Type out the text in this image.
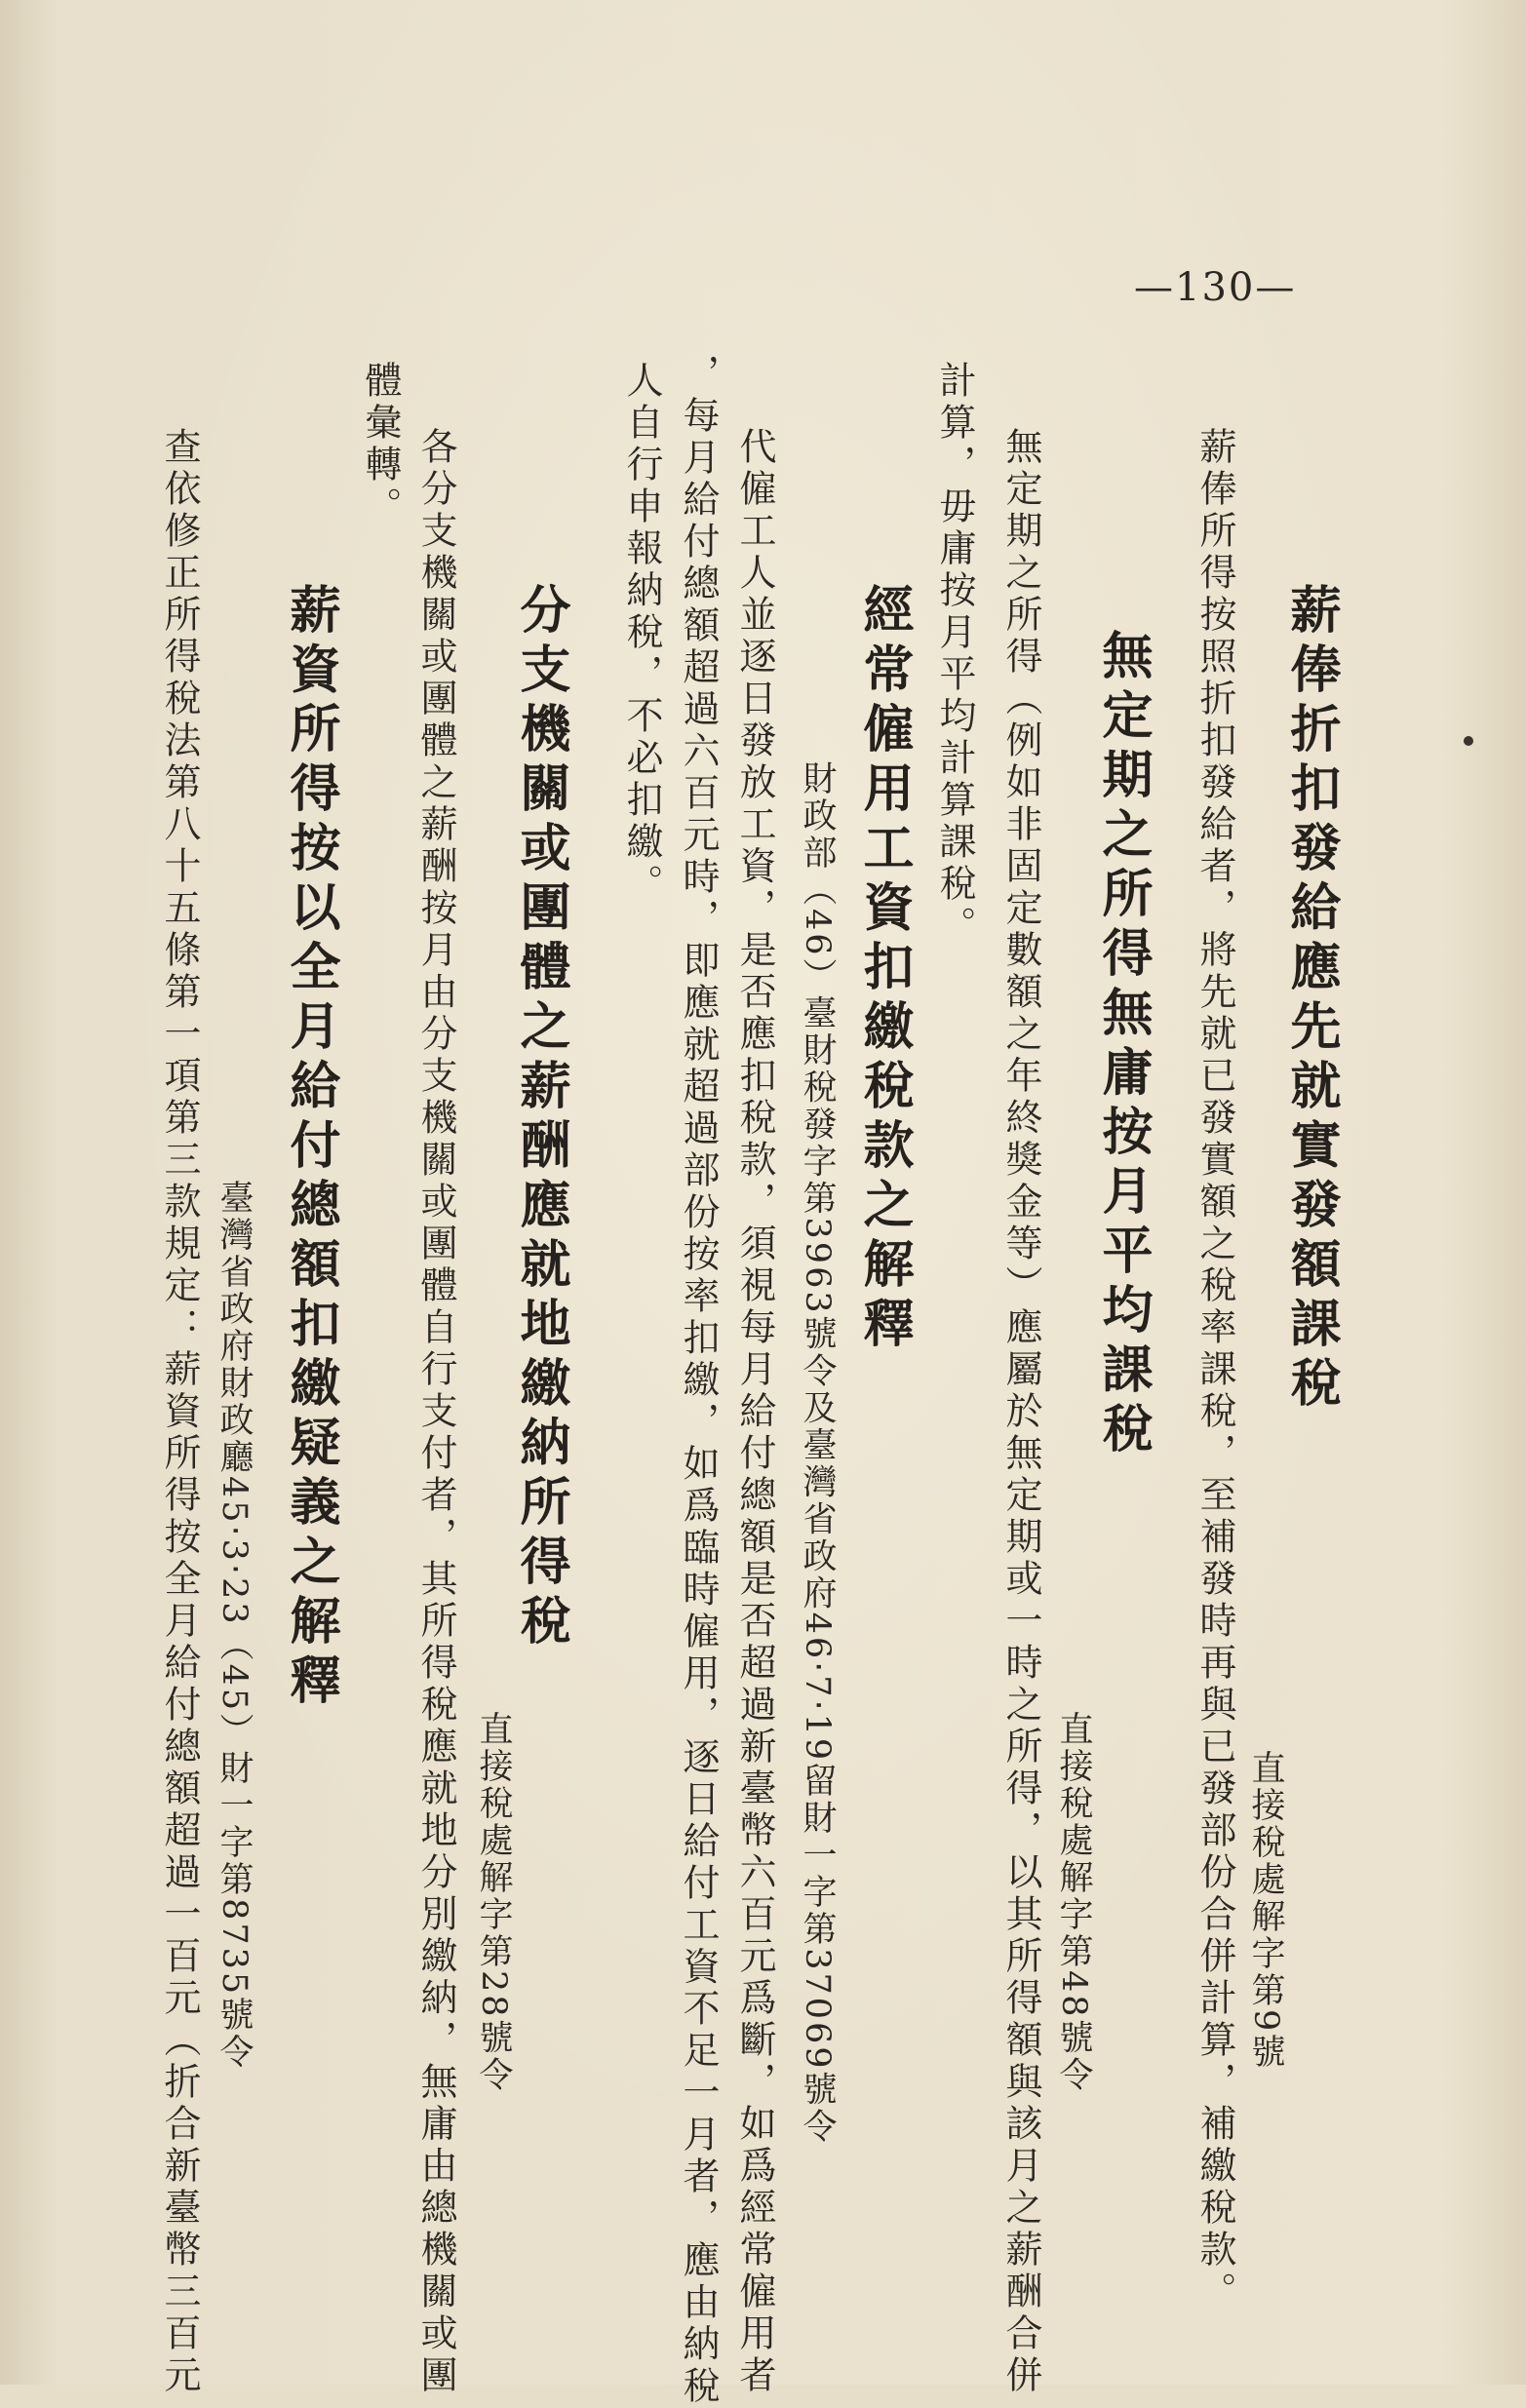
—130—
薪俸折扣發給應先就實發額課稅
薪俸所得按照折扣發給者，將先就已發實額之稅率課稅，至補發時再與已發部份合併計算，補繳稅款。 直接稅處解字第9號
無定期之所得無庸按月平均課稅
直接稅處解字第48號令
無定期之所得（例如非固定數額之年終獎金等）應屬於無定期或一時之所得，以其所得額與該月之薪酬合併
計算，毋庸按月平均計算課稅。
經常僱用工資扣繳稅款之解釋
財政部（46）臺財稅發字第3963號令及臺灣省政府46‧7‧19留財一字第37069號令
代僱工人並逐日發放工資，是否應扣稅款，須視每月給付總額是否超過新臺幣六百元爲斷，如爲經常僱用者
，每月給付總額超過六百元時，即應就超過部份按率扣繳，如爲臨時僱用，逐日給付工資不足一月者，應由納稅
人自行申報納稅，不必扣繳。
分支機關或團體之薪酬應就地繳納所得稅
直接稅處解字第28號令
各分支機關或團體之薪酬按月由分支機關或團體自行支付者，其所得稅應就地分別繳納，無庸由總機關或團
體彙轉。
薪資所得按以全月給付總額扣繳疑義之解釋
臺灣省政府財政廳45‧3‧23（45）財一字第8735號令
查依修正所得稅法第八十五條第一項第三款規定：薪資所得按全月給付總額超過一百元（折合新臺幣三百元
